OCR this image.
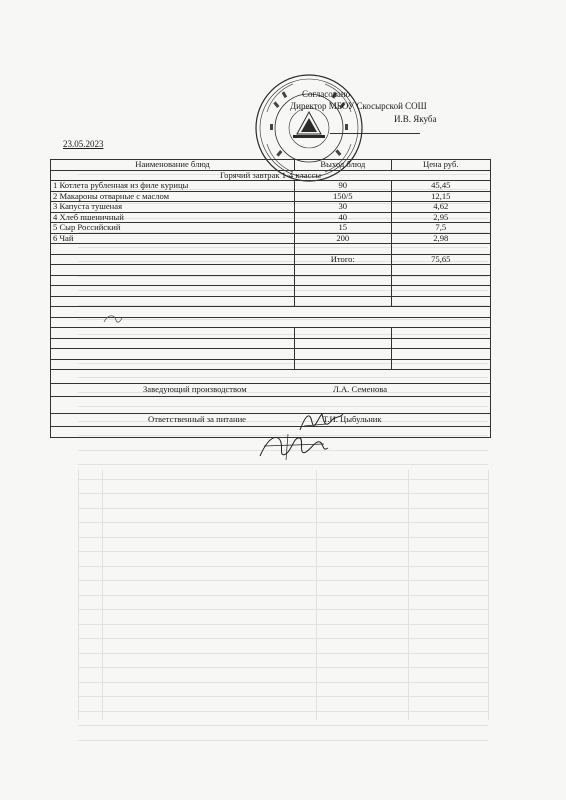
Согласовано
Директор МБОУ Скосырской СОШ
И.В. Якуба
23.05.2023
Наименование блюд	Выход блюд	Цена руб.
Горячий завтрак 1-4 классы		
1 Котлета рубленная из филе курицы	90	45,45
2 Макароны отварные с маслом	150/5	12,15
3 Капуста тушеная	30	4,62
4 Хлеб пшеничный	40	2,95
5 Сыр Российский	15	7,5
6 Чай	200	2,98

	Итого:	75,65

Заведующий производством Л.А. Семенова		

Ответственный за питание Т.И. Цыбульник		
